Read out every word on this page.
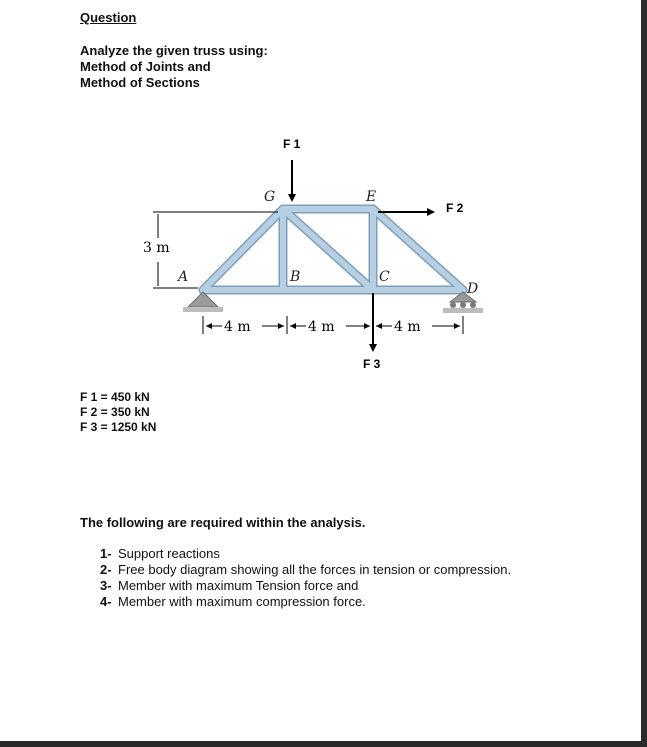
Question
Analyze the given truss using:
Method of Joints and
Method of Sections
G	E
A	B	C
D
F 1
F 2
F 3
3 m
4 m	4 m	4 m
F 1 = 450 kN
F 2 = 350 kN
F 3 = 1250 kN
The following are required within the analysis.
1- Support reactions
2- Free body diagram showing all the forces in tension or compression.
3- Member with maximum Tension force and
4- Member with maximum compression force.
